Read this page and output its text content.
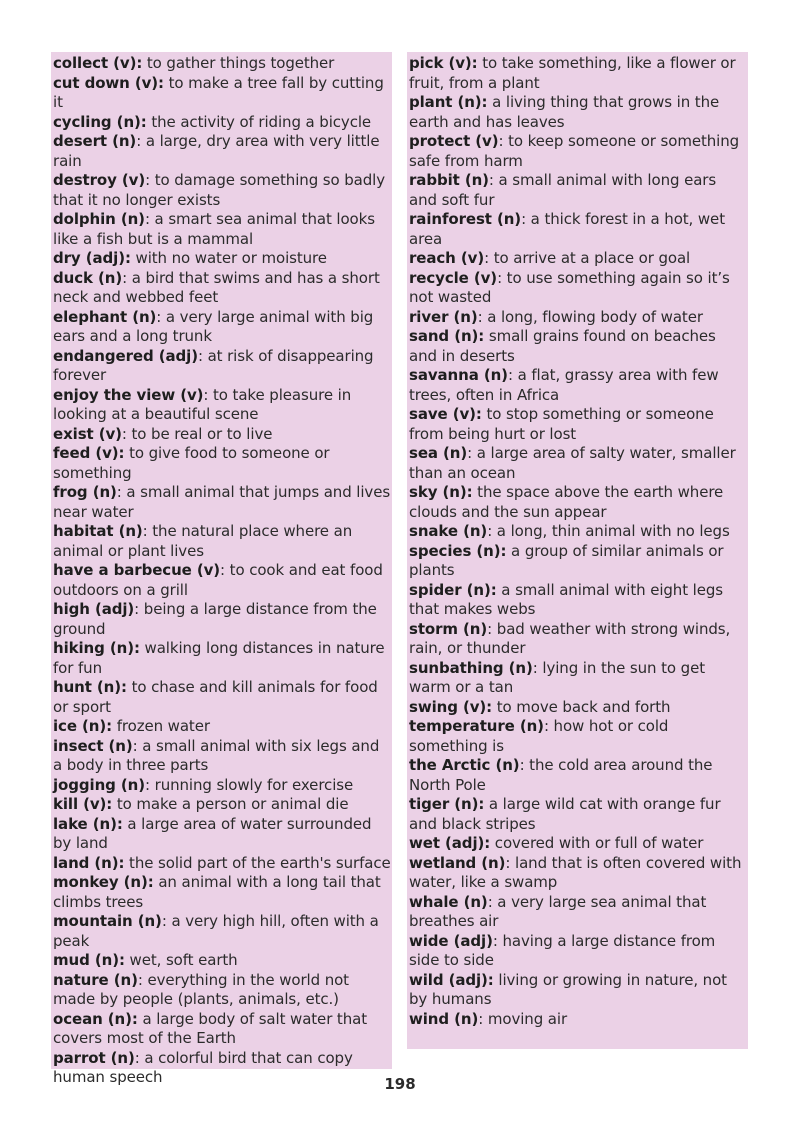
collect (v): to gather things together
cut down (v): to make a tree fall by cutting it
cycling (n): the activity of riding a bicycle
desert (n): a large, dry area with very little rain
destroy (v): to damage something so badly that it no longer exists
dolphin (n): a smart sea animal that looks like a fish but is a mammal
dry (adj): with no water or moisture
duck (n): a bird that swims and has a short neck and webbed feet
elephant (n): a very large animal with big ears and a long trunk
endangered (adj): at risk of disappearing forever
enjoy the view (v): to take pleasure in looking at a beautiful scene
exist (v): to be real or to live
feed (v): to give food to someone or something
frog (n): a small animal that jumps and lives near water
habitat (n): the natural place where an animal or plant lives
have a barbecue (v): to cook and eat food outdoors on a grill
high (adj): being a large distance from the ground
hiking (n): walking long distances in nature for fun
hunt (n): to chase and kill animals for food or sport
ice (n): frozen water
insect (n): a small animal with six legs and a body in three parts
jogging (n): running slowly for exercise
kill (v): to make a person or animal die
lake (n): a large area of water surrounded by land
land (n): the solid part of the earth's surface
monkey (n): an animal with a long tail that climbs trees
mountain (n): a very high hill, often with a peak
mud (n): wet, soft earth
nature (n): everything in the world not made by people (plants, animals, etc.)
ocean (n): a large body of salt water that covers most of the Earth
parrot (n): a colorful bird that can copy human speech
pick (v): to take something, like a flower or fruit, from a plant
plant (n): a living thing that grows in the earth and has leaves
protect (v): to keep someone or something safe from harm
rabbit (n): a small animal with long ears and soft fur
rainforest (n): a thick forest in a hot, wet area
reach (v): to arrive at a place or goal
recycle (v): to use something again so it’s not wasted
river (n): a long, flowing body of water
sand (n): small grains found on beaches and in deserts
savanna (n): a flat, grassy area with few trees, often in Africa
save (v): to stop something or someone from being hurt or lost
sea (n): a large area of salty water, smaller than an ocean
sky (n): the space above the earth where clouds and the sun appear
snake (n): a long, thin animal with no legs
species (n): a group of similar animals or plants
spider (n): a small animal with eight legs that makes webs
storm (n): bad weather with strong winds, rain, or thunder
sunbathing (n): lying in the sun to get warm or a tan
swing (v): to move back and forth
temperature (n): how hot or cold something is
the Arctic (n): the cold area around the North Pole
tiger (n): a large wild cat with orange fur and black stripes
wet (adj): covered with or full of water
wetland (n): land that is often covered with water, like a swamp
whale (n): a very large sea animal that breathes air
wide (adj): having a large distance from side to side
wild (adj): living or growing in nature, not by humans
wind (n): moving air
198
